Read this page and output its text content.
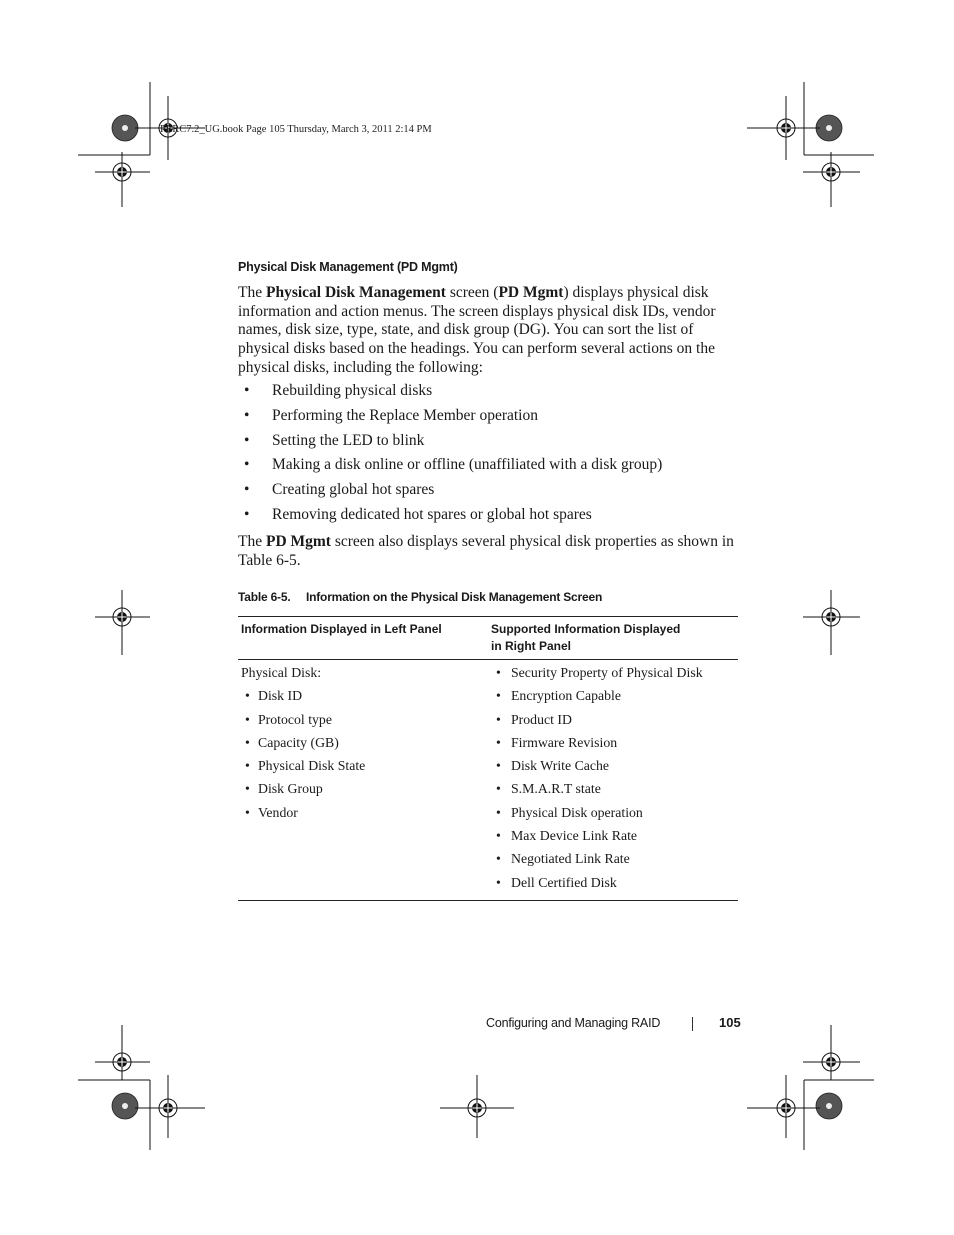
PERC7.2_UG.book Page 105 Thursday, March 3, 2011 2:14 PM
Physical Disk Management (PD Mgmt)

The Physical Disk Management screen (PD Mgmt) displays physical disk information and action menus. The screen displays physical disk IDs, vendor names, disk size, type, state, and disk group (DG). You can sort the list of physical disks based on the headings. You can perform several actions on the physical disks, including the following:

• Rebuilding physical disks
• Performing the Replace Member operation
• Setting the LED to blink
• Making a disk online or offline (unaffiliated with a disk group)
• Creating global hot spares
• Removing dedicated hot spares or global hot spares

The PD Mgmt screen also displays several physical disk properties as shown in Table 6-5.

Table 6-5. Information on the Physical Disk Management Screen

Information Displayed in Left Panel	Supported Information Displayed in Right Panel
Physical Disk:
• Disk ID
• Protocol type
• Capacity (GB)
• Physical Disk State
• Disk Group
• Vendor
• Security Property of Physical Disk
• Encryption Capable
• Product ID
• Firmware Revision
• Disk Write Cache
• S.M.A.R.T state
• Physical Disk operation
• Max Device Link Rate
• Negotiated Link Rate
• Dell Certified Disk
Configuring and Managing RAID	105
